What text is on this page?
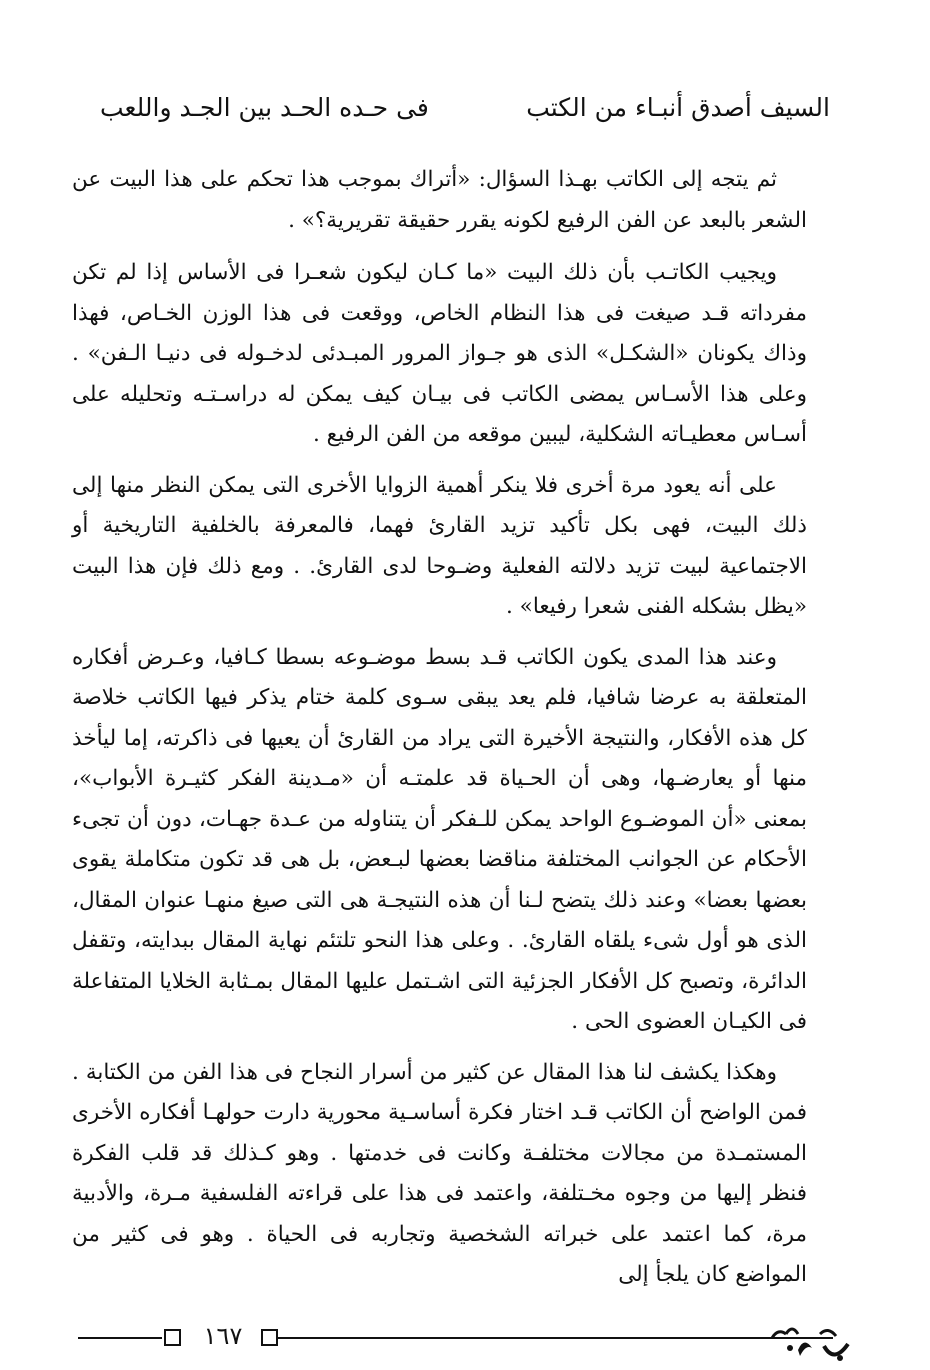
السيف أصدق أنبـاء من الكتب
فى حـده الحـد بين الجـد واللعب

ثم يتجه إلى الكاتب بهـذا السؤال: «أتراك بموجب هذا تحكم على هذا البيت عن الشعر بالبعد عن الفن الرفيع لكونه يقرر حقيقة تقريرية؟» .

ويجيب الكاتـب بأن ذلك البيت «ما كـان ليكون شعـرا فى الأساس إذا لم تكن مفرداته قـد صيغت فى هذا النظام الخاص، ووقعت فى هذا الوزن الخـاص، فهذا وذاك يكونان «الشكـل» الذى هو جـواز المرور المبـدئى لدخـوله فى دنيـا الـفن» . وعلى هذا الأسـاس يمضى الكاتب فى بيـان كيف يمكن له دراسـتـه وتحليله على أسـاس معطيـاته الشكلية، ليبين موقعه من الفن الرفيع .

على أنه يعود مرة أخرى فلا ينكر أهمية الزوايا الأخرى التى يمكن النظر منها إلى ذلك البيت، فهى بكل تأكيد تزيد القارئ فهما، فالمعرفة بالخلفية التاريخية أو الاجتماعية لبيت تزيد دلالته الفعلية وضـوحا لدى القارئ. . ومع ذلك فإن هذا البيت «يظل بشكله الفنى شعرا رفيعا» .

وعند هذا المدى يكون الكاتب قـد بسط موضـوعه بسطا كـافيا، وعـرض أفكاره المتعلقة به عرضا شافيا، فلم يعد يبقى سـوى كلمة ختام يذكر فيها الكاتب خلاصة كل هذه الأفكار، والنتيجة الأخيرة التى يراد من القارئ أن يعيها فى ذاكرته، إما ليأخذ منها أو يعارضـها، وهى أن الحـياة قد علمتـه أن «مـدينة الفكر كثيـرة الأبواب»، بمعنى «أن الموضـوع الواحد يمكن للـفكر أن يتناوله من عـدة جهـات، دون أن تجىء الأحكام عن الجوانب المختلفة مناقضا بعضها لبـعض، بل هى قد تكون متكاملة يقوى بعضها بعضا» وعند ذلك يتضح لـنا أن هذه النتيجـة هى التى صيغ منهـا عنوان المقال، الذى هو أول شىء يلقاه القارئ. . وعلى هذا النحو تلتئم نهاية المقال ببدايته، وتقفل الدائرة، وتصبح كل الأفكار الجزئية التى اشـتمل عليها المقال بمـثابة الخلايا المتفاعلة فى الكيـان العضوى الحى .

وهكذا يكشف لنا هذا المقال عن كثير من أسرار النجاح فى هذا الفن من الكتابة . فمن الواضح أن الكاتب قـد اختار فكرة أساسـية محورية دارت حولهـا أفكاره الأخرى المستمـدة من مجالات مختلفـة وكانت فى خدمتها . وهو كـذلك قد قلب الفكرة فنظر إليها من وجوه مخـتلفة، واعتمد فى هذا على قراءته الفلسفية مـرة، والأدبية مرة، كما اعتمد على خبراته الشخصية وتجاربه فى الحياة . وهو فى كثير من المواضع كان يلجأ إلى

١٦٧
